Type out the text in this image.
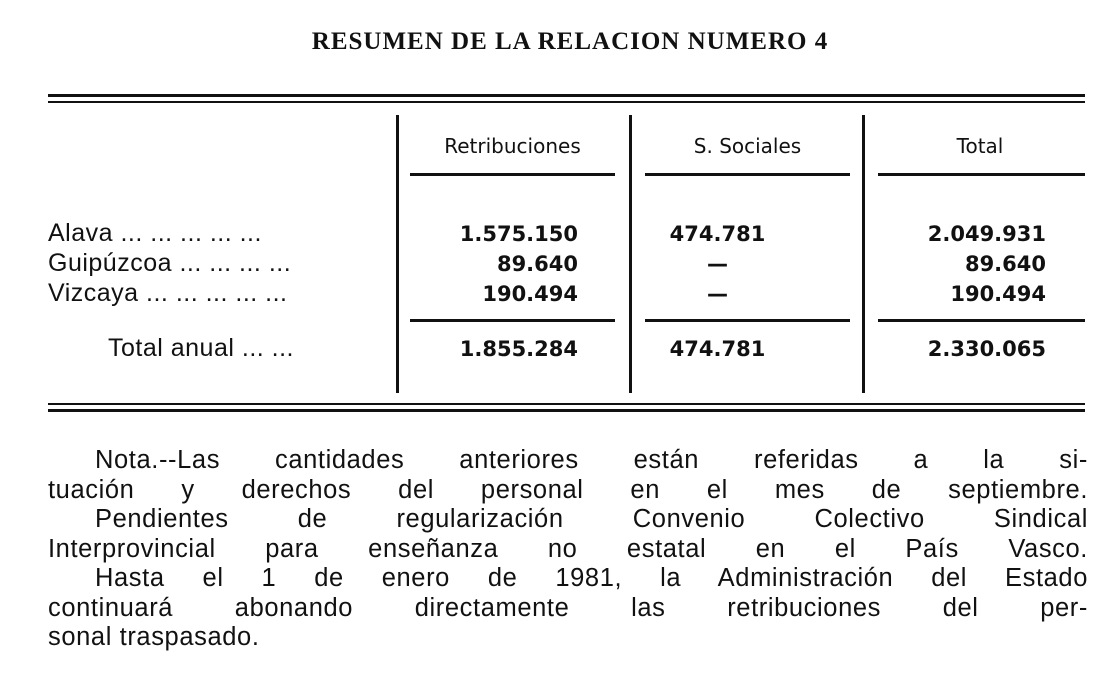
RESUMEN DE LA RELACION NUMERO 4
Retribuciones	S. Sociales	Total
Alava ... ... ... ... ...	1.575.150	474.781	2.049.931
Guipúzcoa ... ... ... ...	89.640	—	89.640
Vizcaya ... ... ... ... ...	190.494	—	190.494
Total anual ... ...	1.855.284	474.781	2.330.065

Nota.--Las cantidades anteriores están referidas a la si-

tuación y derechos del personal en el mes de septiembre.

Pendientes de regularización Convenio Colectivo Sindical

Interprovincial para enseñanza no estatal en el País Vasco.

Hasta el 1 de enero de 1981, la Administración del Estado

continuará abonando directamente las retribuciones del per-

sonal traspasado.
